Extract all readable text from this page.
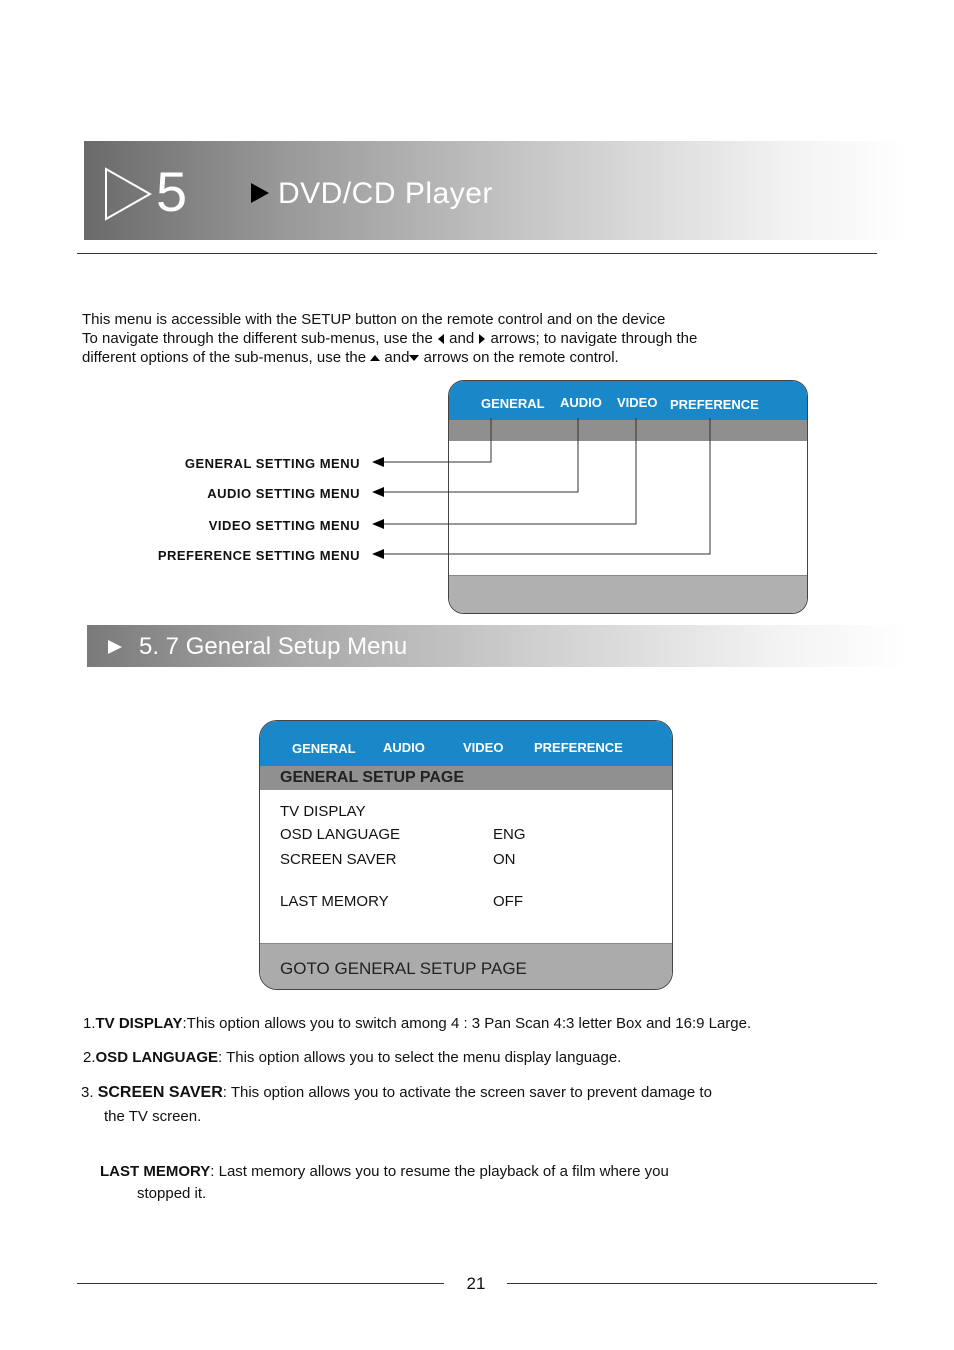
5	DVD/CD Player

This menu is accessible with the SETUP button on the remote control and on the device

To navigate through the different sub-menus, use the and arrows; to navigate through the

different options of the sub-menus, use the and arrows on the remote control.

GENERAL AUDIO VIDEO PREFERENCE
GENERAL SETTING MENU
AUDIO SETTING MENU
VIDEO SETTING MENU
PREFERENCE SETTING MENU
5. 7 General Setup Menu
GENERAL AUDIO	VIDEO PREFERENCE
GENERAL SETUP PAGE
TV DISPLAY
OSD LANGUAGE	ENG
SCREEN SAVER	ON
LAST MEMORY	OFF
GOTO GENERAL SETUP PAGE
1.TV DISPLAY:This option allows you to switch among 4 : 3 Pan Scan 4:3 letter Box and 16:9 Large.
2.OSD LANGUAGE: This option allows you to select the menu display language.
3. SCREEN SAVER: This option allows you to activate the screen saver to prevent damage to
the TV screen.
LAST MEMORY: Last memory allows you to resume the playback of a film where you
stopped it.
21
